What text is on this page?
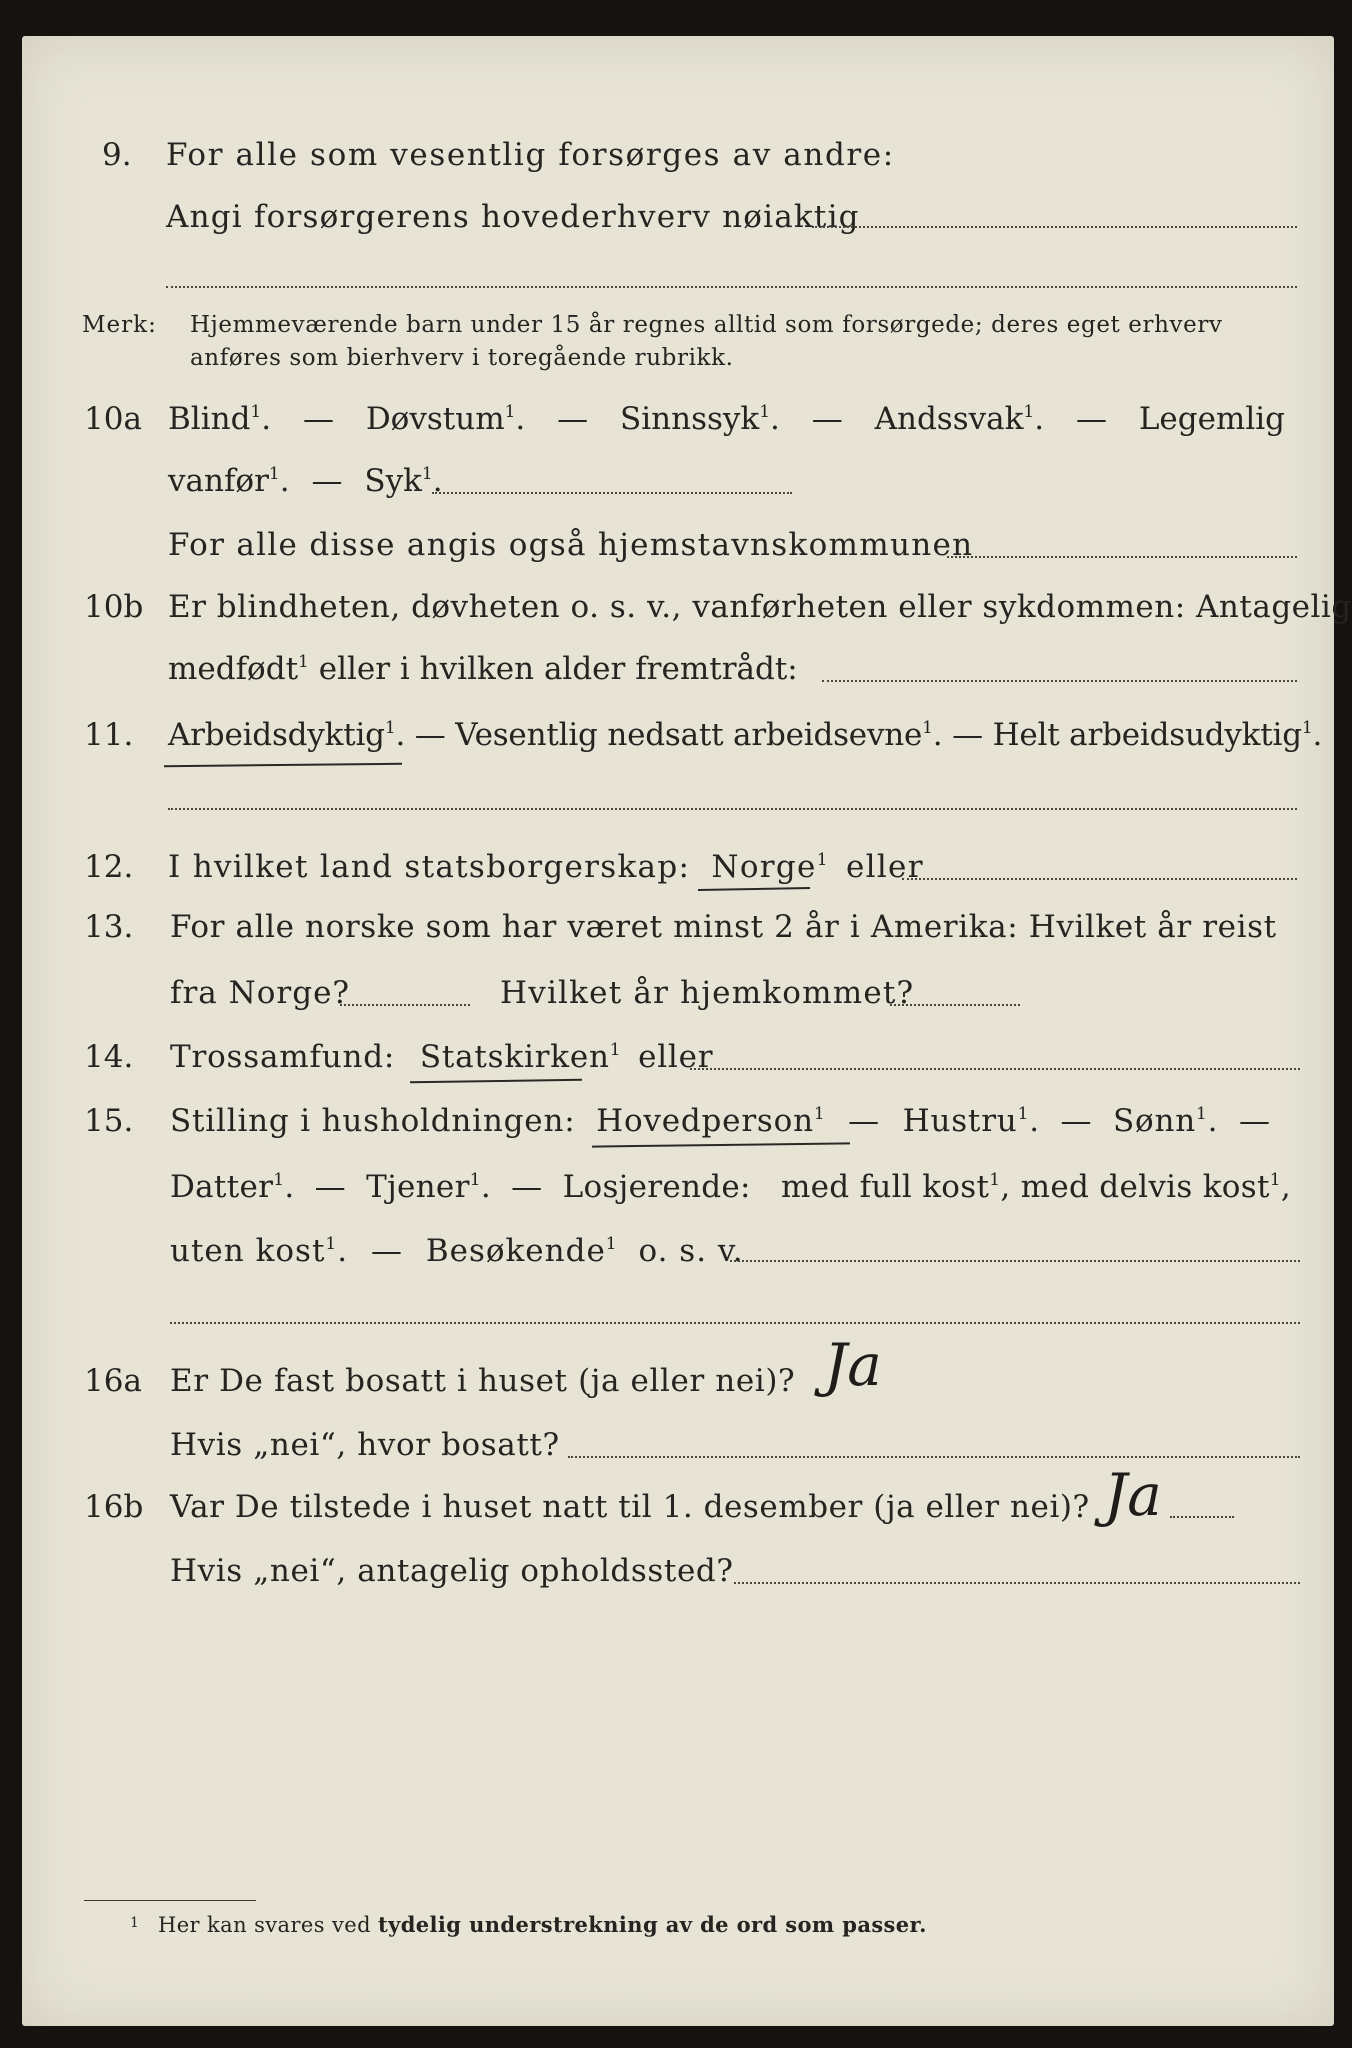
9. For alle som vesentlig forsørges av andre:
Angi forsørgerens hovederhverv nøiaktig
Merk: Hjemmeværende barn under 15 år regnes alltid som forsørgede; deres eget erhverv
anføres som bierhverv i toregående rubrikk.
10a Blind$^1$. — Døvstum$^1$. — Sinnssyk$^1$. — Andssvak$^1$. — Legemlig
vanfør$^1$. — Syk$^1$.
For alle disse angis også hjemstavnskommunen
10b Er blindheten, døvheten o. s. v., vanførheten eller sykdommen: Antagelig
medfødt$^1$ eller i hvilken alder fremtrådt:
11. Arbeidsdyktig$^1$. — Vesentlig nedsatt arbeidsevne$^1$. — Helt arbeidsudyktig$^1$.
12. I hvilket land statsborgerskap: Norge$^1$ eller
13. For alle norske som har været minst 2 år i Amerika: Hvilket år reist
fra Norge?	Hvilket år hjemkommet?
14. Trossamfund: Statskirken$^1$ eller
15. Stilling i husholdningen: Hovedperson$^1$ — Hustru$^1$. — Sønn$^1$. —
Datter$^1$. — Tjener$^1$. — Losjerende: med full kost$^1$, med delvis kost$^1$,
uten kost$^1$. — Besøkende$^1$ o. s. v.
16a Er De fast bosatt i huset (ja eller nei)? Ja
Hvis „nei“, hvor bosatt?
16b Var De tilstede i huset natt til 1. desember (ja eller nei)? Ja
Hvis „nei“, antagelig opholdssted?
1 Her kan svares ved tydelig understrekning av de ord som passer.
